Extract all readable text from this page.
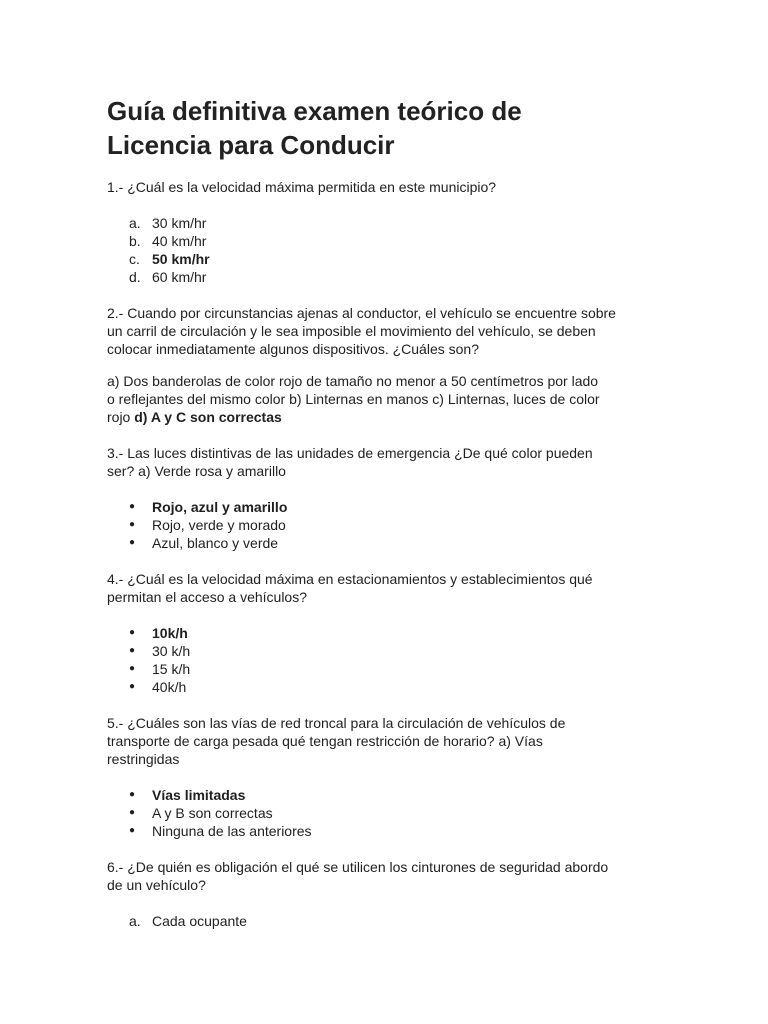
Guía definitiva examen teórico de
Licencia para Conducir

1.- ¿Cuál es la velocidad máxima permitida en este municipio?

a. 30 km/hr
b. 40 km/hr
c. 50 km/hr
d. 60 km/hr

2.- Cuando por circunstancias ajenas al conductor, el vehículo se encuentre sobre

un carril de circulación y le sea imposible el movimiento del vehículo, se deben

colocar inmediatamente algunos dispositivos. ¿Cuáles son?

a) Dos banderolas de color rojo de tamaño no menor a 50 centímetros por lado

o reflejantes del mismo color b) Linternas en manos c) Linternas, luces de color

rojo d) A y C son correctas

3.- Las luces distintivas de las unidades de emergencia ¿De qué color pueden

ser? a) Verde rosa y amarillo

●	Rojo, azul y amarillo
●	Rojo, verde y morado
●	Azul, blanco y verde

4.- ¿Cuál es la velocidad máxima en estacionamientos y establecimientos qué

permitan el acceso a vehículos?

●	10k/h
●	30 k/h
●	15 k/h
●	40k/h

5.- ¿Cuáles son las vías de red troncal para la circulación de vehículos de

transporte de carga pesada qué tengan restricción de horario? a) Vías

restringidas

●	Vías limitadas
●	A y B son correctas
●	Ninguna de las anteriores

6.- ¿De quién es obligación el qué se utilicen los cinturones de seguridad abordo

de un vehículo?

a. Cada ocupante
